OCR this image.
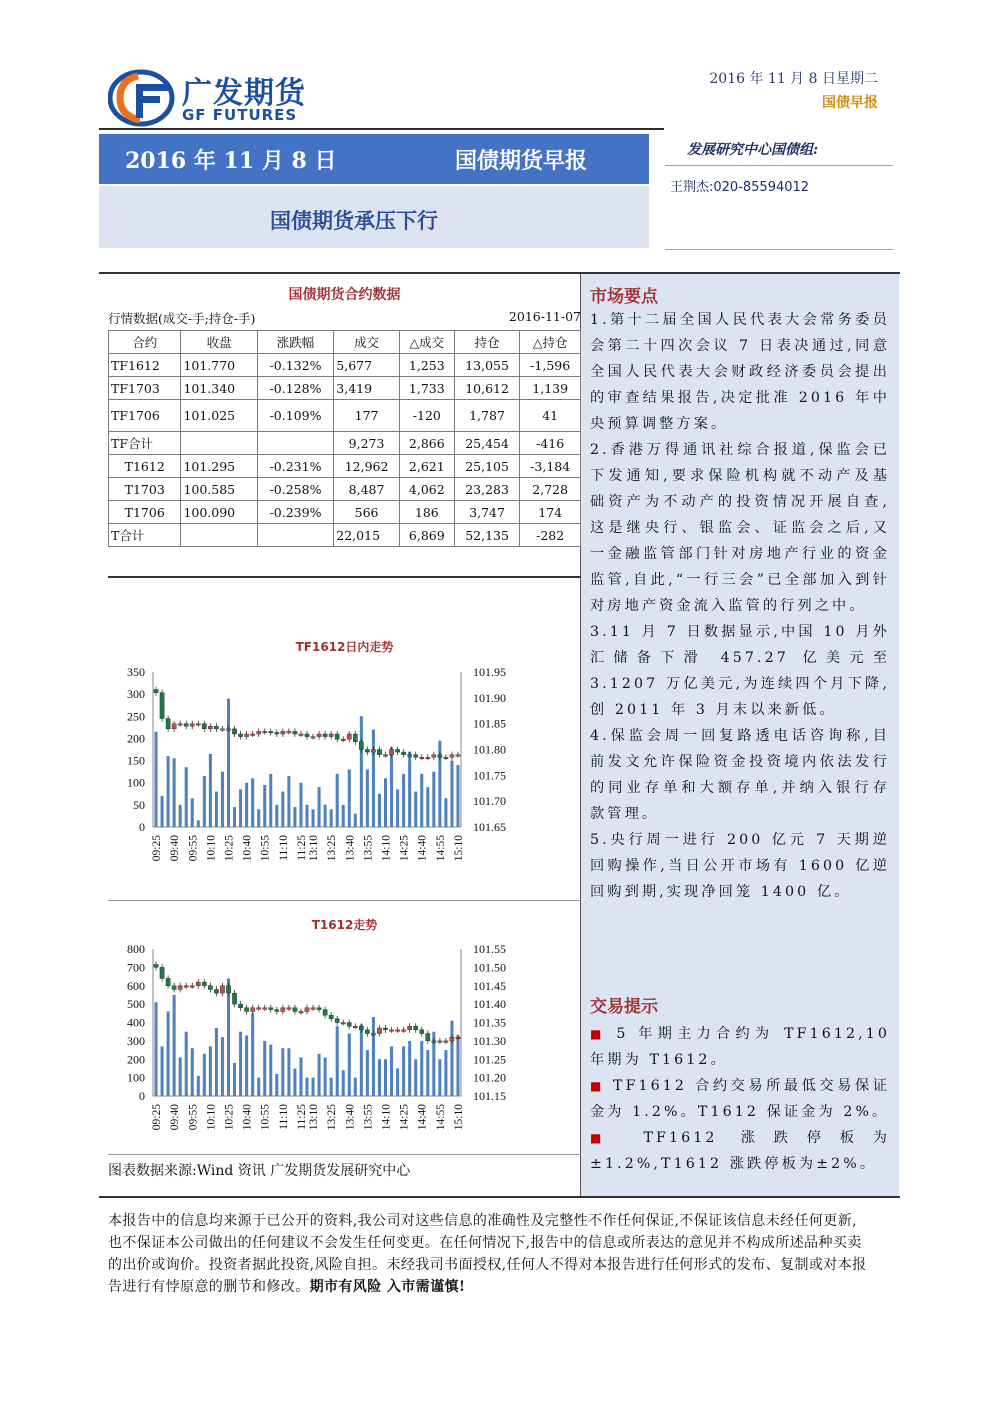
广发期货
GF FUTURES
2016 年 11 月 8 日星期二
国债早报
2016 年 11 月 8 日	国债期货早报
国债期货承压下行
发展研究中心国债组:
王荆杰:020-85594012
国债期货合约数据
行情数据(成交-手;持仓-手)	2016-11-07
合约	收盘	涨跌幅	成交	△成交	持仓	△持仓
TF1612	101.770	-0.132%	5,677	1,253	13,055	-1,596
TF1703	101.340	-0.128%	3,419	1,733	10,612	1,139
TF1706	101.025	-0.109%	177	-120	1,787	41
TF合计			9,273	2,866	25,454	-416
T1612	101.295	-0.231%	12,962	2,621	25,105	-3,184
T1703	100.585	-0.258%	8,487	4,062	23,283	2,728
T1706	100.090	-0.239%	566	186	3,747	174
T合计			22,015	6,869	52,135	-282
TF1612日内走势
0
50
100
150
200
250
300
350
101.65
101.70
101.75
101.80
101.85
101.90
101.95
09:25 09:40 09:55 10:10 10:25 10:40 10:55 11:10 11:25 13:10 13:25 13:40 13:55 14:10 14:25 14:40 14:55 15:10
T1612走势
0
100
200
300
400
500
600
700
800
101.15
101.20
101.25
101.30
101.35
101.40
101.45
101.50
101.55
09:25 09:40 09:55 10:10 10:25 10:40 10:55 11:10 11:25 13:10 13:25 13:40 13:55 14:10 14:25 14:40 14:55 15:10
图表数据来源:Wind 资讯 广发期货发展研究中心
市场要点
1.第十二届全国人民代表大会常务委员会第二十四次会议 7 日表决通过,同意全国人民代表大会财政经济委员会提出的审查结果报告,决定批准 2016 年中央预算调整方案。
2.香港万得通讯社综合报道,保监会已下发通知,要求保险机构就不动产及基础资产为不动产的投资情况开展自查,这是继央行、银监会、证监会之后,又一金融监管部门针对房地产行业的资金监管,自此,“一行三会”已全部加入到针对房地产资金流入监管的行列之中。
3.11 月 7 日数据显示,中国 10 月外汇储备下滑 457.27 亿美元至 3.1207 万亿美元,为连续四个月下降,创 2011 年 3 月末以来新低。
4.保监会周一回复路透电话咨询称,目前发文允许保险资金投资境内依法发行的同业存单和大额存单,并纳入银行存款管理。
5.央行周一进行 200 亿元 7 天期逆回购操作,当日公开市场有 1600 亿逆回购到期,实现净回笼 1400 亿。
交易提示
■ 5 年期主力合约为 TF1612,10 年期为 T1612。
■ TF1612 合约交易所最低交易保证金为 1.2%。T1612 保证金为 2%。
■ TF1612 涨跌停板为±1.2%,T1612 涨跌停板为±2%。
本报告中的信息均来源于已公开的资料,我公司对这些信息的准确性及完整性不作任何保证,不保证该信息未经任何更新,也不保证本公司做出的任何建议不会发生任何变更。在任何情况下,报告中的信息或所表达的意见并不构成所述品种买卖的出价或询价。投资者据此投资,风险自担。未经我司书面授权,任何人不得对本报告进行任何形式的发布、复制或对本报告进行有悖原意的删节和修改。期市有风险 入市需谨慎!
